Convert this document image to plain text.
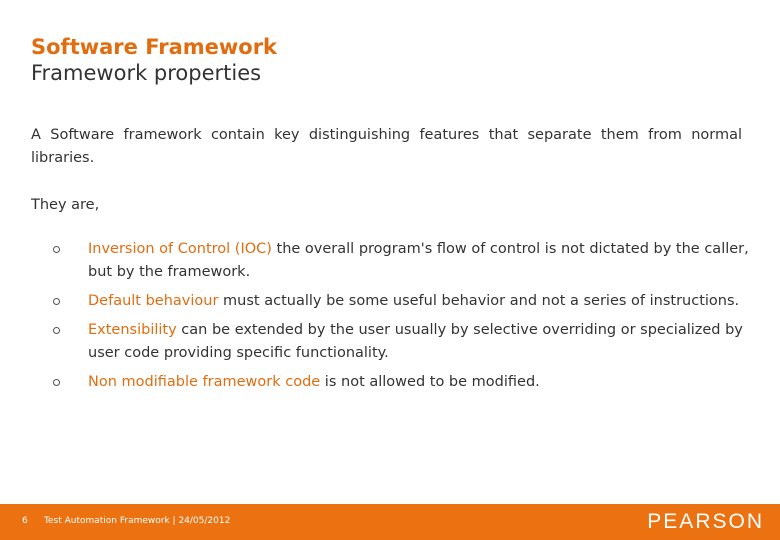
Software Framework
Framework properties
A Software framework contain key distinguishing features that separate them from normal libraries.
They are,
Inversion of Control (IOC) the overall program's flow of control is not dictated by the caller, but by the framework.
Default behaviour must actually be some useful behavior and not a series of instructions.
Extensibility can be extended by the user usually by selective overriding or specialized by user code providing specific functionality.
Non modifiable framework code is not allowed to be modified.
6 Test Automation Framework | 24/05/2012	PEARSON
